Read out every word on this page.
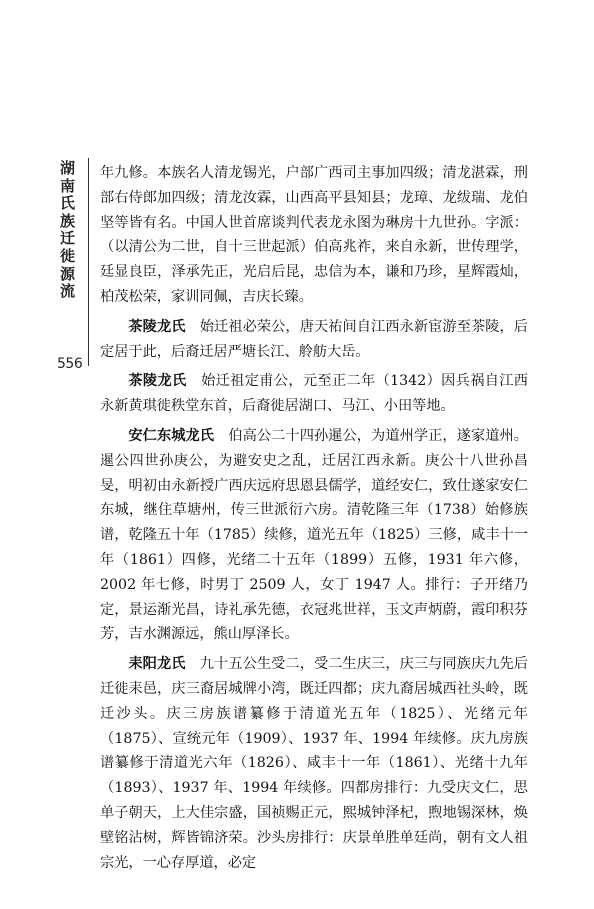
湖南氏族迁徙源流
556

年九修。本族名人清龙锡光，户部广西司主事加四级；清龙湛霖，刑部右侍郎加四级；清龙汝霖，山西高平县知县；龙璋、龙绂瑞、龙伯坚等皆有名。中国人世首席谈判代表龙永图为琳房十九世孙。字派：（以清公为二世，自十三世起派）伯高兆祚，来自永新，世传理学，廷显良臣，泽承先正，光启后昆，忠信为本，谦和乃珍，星辉霞灿，柏茂松荣，家训同佩，吉庆长臻。

茶陵龙氏　始迁祖必荣公，唐天祐间自江西永新宦游至茶陵，后定居于此，后裔迁居严塘长江、舲舫大岳。

茶陵龙氏　始迁祖定甫公，元至正二年（1342）因兵祸自江西永新黄琪徙秩堂东首，后裔徙居湖口、马江、小田等地。

安仁东城龙氏　伯高公二十四孙暹公，为道州学正，遂家道州。暹公四世孙庚公，为避安史之乱，迁居江西永新。庚公十八世孙昌旻，明初由永新授广西庆远府思恩县儒学，道经安仁，致仕遂家安仁东城，继住草塘州，传三世派衍六房。清乾隆三年（1738）始修族谱，乾隆五十年（1785）续修，道光五年（1825）三修，咸丰十一年（1861）四修，光绪二十五年（1899）五修，1931 年六修，2002 年七修，时男丁 2509 人，女丁 1947 人。排行：子开绪乃定，景运渐光昌，诗礼承先德，衣冠兆世祥，玉文声炳蔚，霞印积芬芳，吉水渊源远，熊山厚泽长。

耒阳龙氏　九十五公生受二，受二生庆三，庆三与同族庆九先后迁徙耒邑，庆三裔居城牌小湾，既迁四都；庆九裔居城西社头岭，既迁沙头。庆三房族谱纂修于清道光五年（1825）、光绪元年（1875）、宣统元年（1909）、1937 年、1994 年续修。庆九房族谱纂修于清道光六年（1826）、咸丰十一年（1861）、光绪十九年（1893）、1937 年、1994 年续修。四都房排行：九受庆文仁，思单子朝天，上大佳宗盛，国祯赐正元，熙城钟泽杞，煦地锡深林，焕壁铭沾树，辉皆锦济荣。沙头房排行：庆景单胜单廷尚，朝有文人祖宗光，一心存厚道，必定
